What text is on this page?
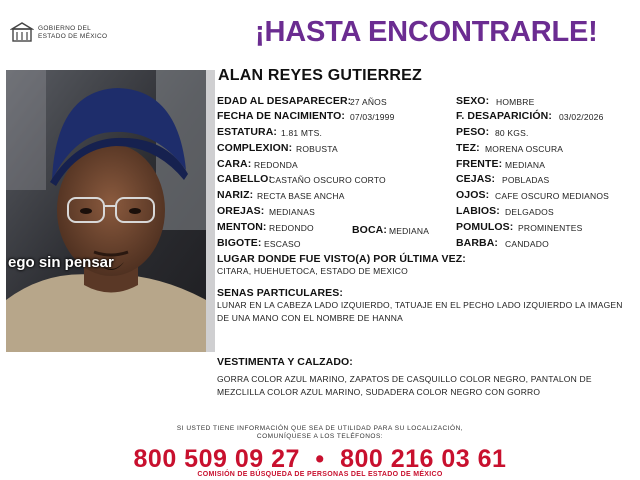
GOBIERNO DEL
ESTADO DE MÉXICO	¡HASTA ENCONTRARLE!
ego sin pensar
ALAN REYES GUTIERREZ
EDAD AL DESAPARECER:
27 AÑOS
FECHA DE NACIMIENTO: 07/03/1999
ESTATURA: 1.81 MTS.
COMPLEXION: ROBUSTA
CARA: REDONDA
CABELLO:
CASTAÑO OSCURO CORTO
NARIZ: RECTA BASE ANCHA
OREJAS: MEDIANAS
MENTON: REDONDO	BOCA: MEDIANA
BIGOTE: ESCASO
SEXO: HOMBRE
F. DESAPARICIÓN: 03/02/2026
PESO: 80 KGS.
TEZ: MORENA OSCURA
FRENTE: MEDIANA
CEJAS: POBLADAS
OJOS: CAFE OSCURO MEDIANOS
LABIOS: DELGADOS
POMULOS: PROMINENTES
BARBA: CANDADO
LUGAR DONDE FUE VISTO(A) POR ÚLTIMA VEZ:
CITARA, HUEHUETOCA, ESTADO DE MEXICO
SENAS PARTICULARES:
LUNAR EN LA CABEZA LADO IZQUIERDO, TATUAJE EN EL PECHO LADO IZQUIERDO LA IMAGEN DE UNA MANO CON EL NOMBRE DE HANNA
VESTIMENTA Y CALZADO:
GORRA COLOR AZUL MARINO, ZAPATOS DE CASQUILLO COLOR NEGRO, PANTALON DE MEZCLILLA COLOR AZUL MARINO, SUDADERA COLOR NEGRO CON GORRO
SI USTED TIENE INFORMACIÓN QUE SEA DE UTILIDAD PARA SU LOCALIZACIÓN,
COMUNÍQUESE A LOS TELÉFONOS:
800 509 09 27 • 800 216 03 61
COMISIÓN DE BÚSQUEDA DE PERSONAS DEL ESTADO DE MÉXICO
